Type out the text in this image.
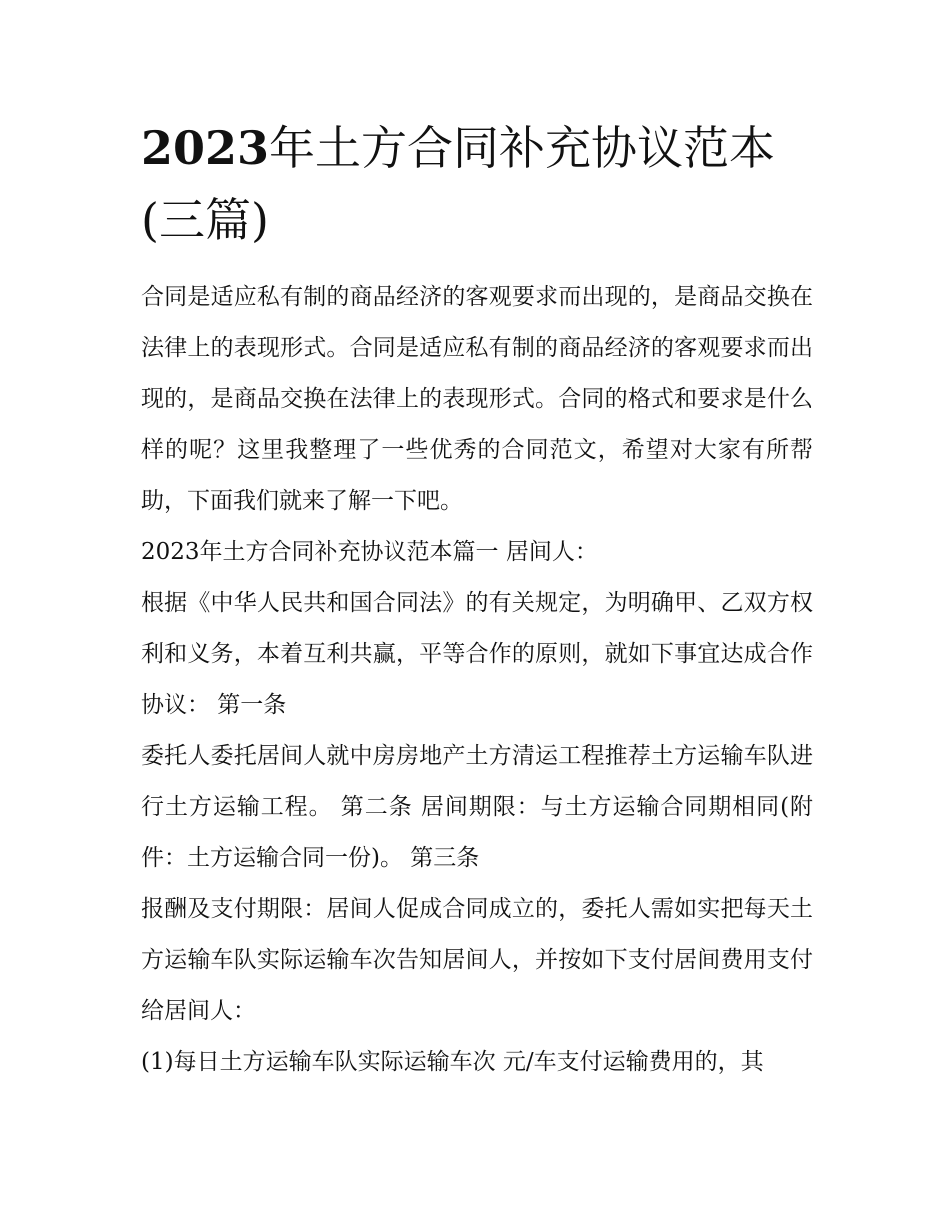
2023年土方合同补充协议范本(三篇)

合同是适应私有制的商品经济的客观要求而出现的，是商品交换在法律上的表现形式。合同是适应私有制的商品经济的客观要求而出现的，是商品交换在法律上的表现形式。合同的格式和要求是什么样的呢？这里我整理了一些优秀的合同范文，希望对大家有所帮助，下面我们就来了解一下吧。

2023年土方合同补充协议范本篇一 居间人：

根据《中华人民共和国合同法》的有关规定，为明确甲、乙双方权利和义务，本着互利共赢，平等合作的原则，就如下事宜达成合作协议： 第一条

委托人委托居间人就中房房地产土方清运工程推荐土方运输车队进行土方运输工程。 第二条 居间期限：与土方运输合同期相同(附件：土方运输合同一份)。 第三条

报酬及支付期限：居间人促成合同成立的，委托人需如实把每天土方运输车队实际运输车次告知居间人，并按如下支付居间费用支付给居间人：

(1)每日土方运输车队实际运输车次 元/车支付运输费用的，其
